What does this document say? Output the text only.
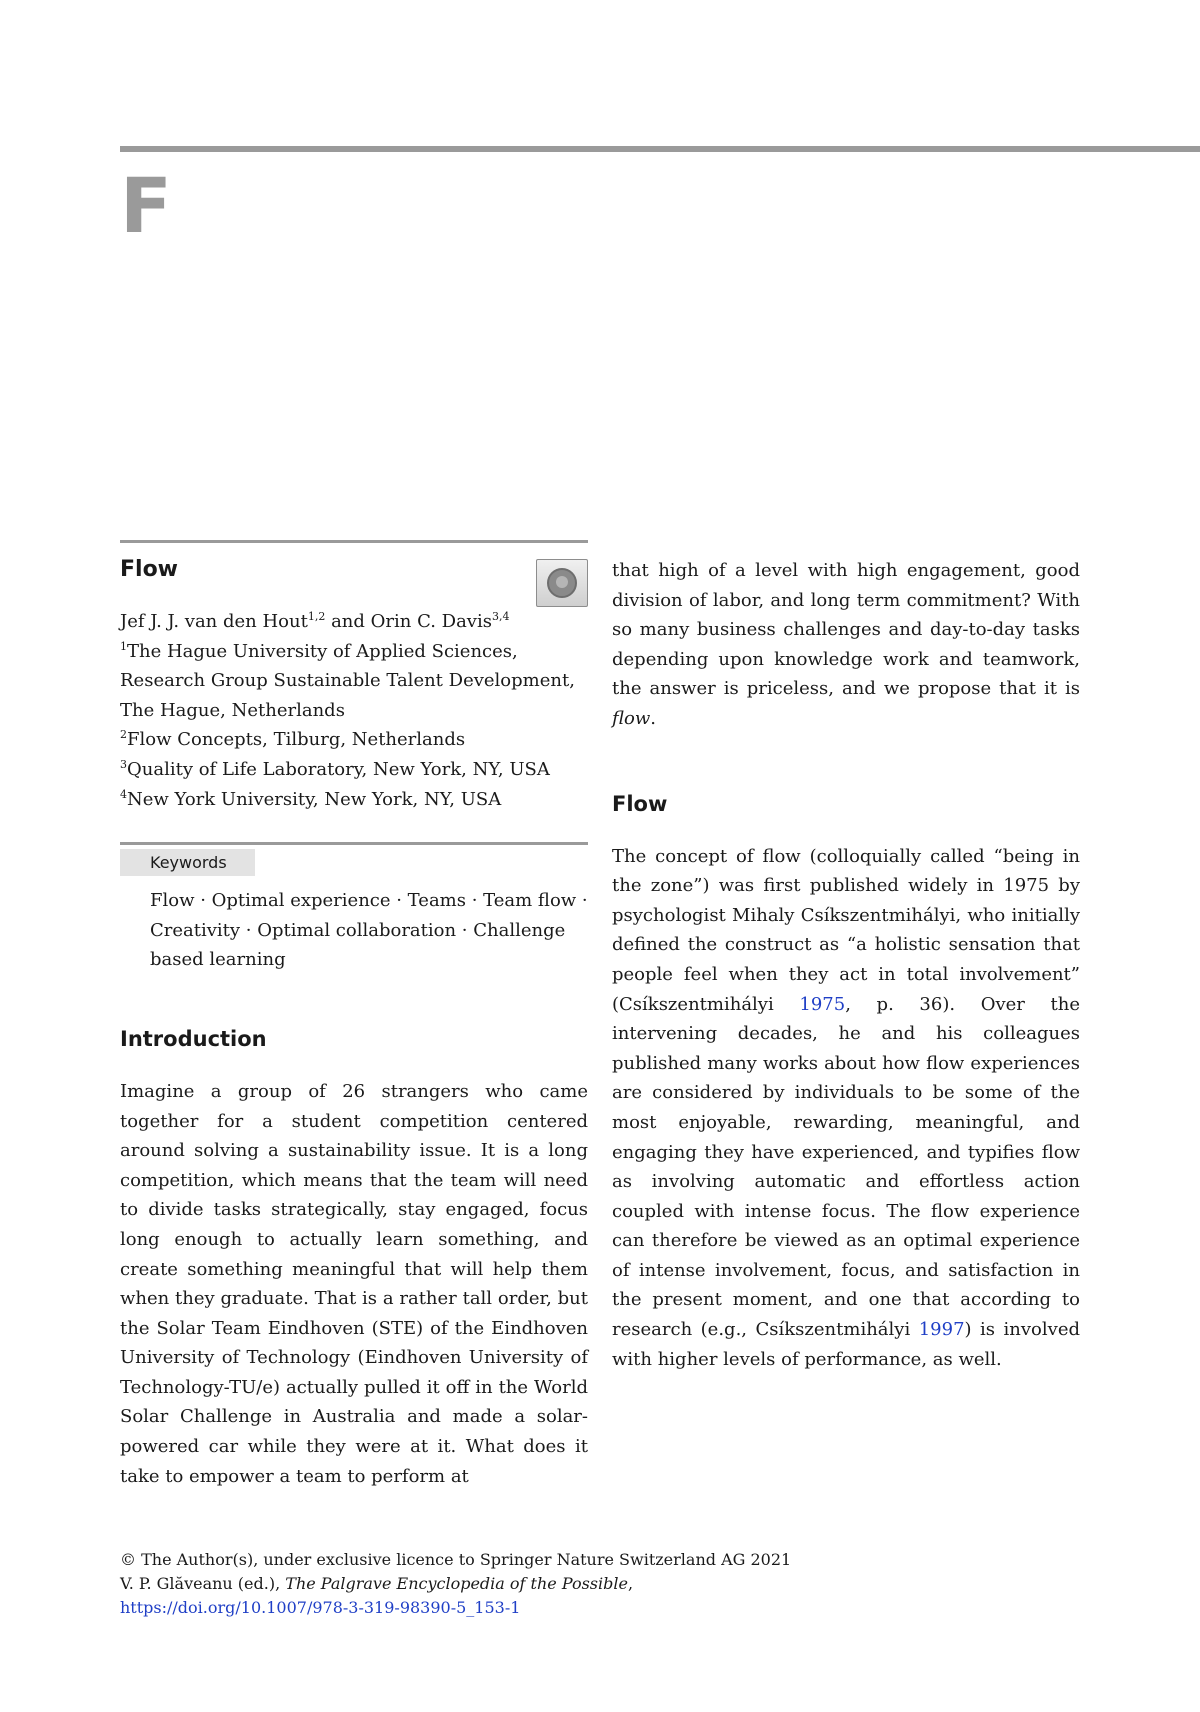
F
Flow

Jef J. J. van den Hout$^{1,2}$ and Orin C. Davis$^{3,4}$

$^1$The Hague University of Applied Sciences, Research Group Sustainable Talent Development, The Hague, Netherlands

$^2$Flow Concepts, Tilburg, Netherlands

$^3$Quality of Life Laboratory, New York, NY, USA

$^4$New York University, New York, NY, USA

Keywords

Flow · Optimal experience · Teams · Team flow · Creativity · Optimal collaboration · Challenge based learning

Introduction

Imagine a group of 26 strangers who came together for a student competition centered around solving a sustainability issue. It is a long competition, which means that the team will need to divide tasks strategically, stay engaged, focus long enough to actually learn something, and create something meaningful that will help them when they graduate. That is a rather tall order, but the Solar Team Eindhoven (STE) of the Eindhoven University of Technology (Eindhoven University of Technology-TU/e) actually pulled it off in the World Solar Challenge in Australia and made a solar-powered car while they were at it. What does it take to empower a team to perform at

that high of a level with high engagement, good division of labor, and long term commitment? With so many business challenges and day-to-day tasks depending upon knowledge work and teamwork, the answer is priceless, and we propose that it is flow.

Flow

The concept of flow (colloquially called “being in the zone”) was first published widely in 1975 by psychologist Mihaly Csíkszentmihályi, who initially defined the construct as “a holistic sensation that people feel when they act in total involvement” (Csíkszentmihályi 1975, p. 36). Over the intervening decades, he and his colleagues published many works about how flow experiences are considered by individuals to be some of the most enjoyable, rewarding, meaningful, and engaging they have experienced, and typifies flow as involving automatic and effortless action coupled with intense focus. The flow experience can therefore be viewed as an optimal experience of intense involvement, focus, and satisfaction in the present moment, and one that according to research (e.g., Csíkszentmihályi 1997) is involved with higher levels of performance, as well.

© The Author(s), under exclusive licence to Springer Nature Switzerland AG 2021
V. P. Glăveanu (ed.), The Palgrave Encyclopedia of the Possible,
https://doi.org/10.1007/978-3-319-98390-5_153-1
